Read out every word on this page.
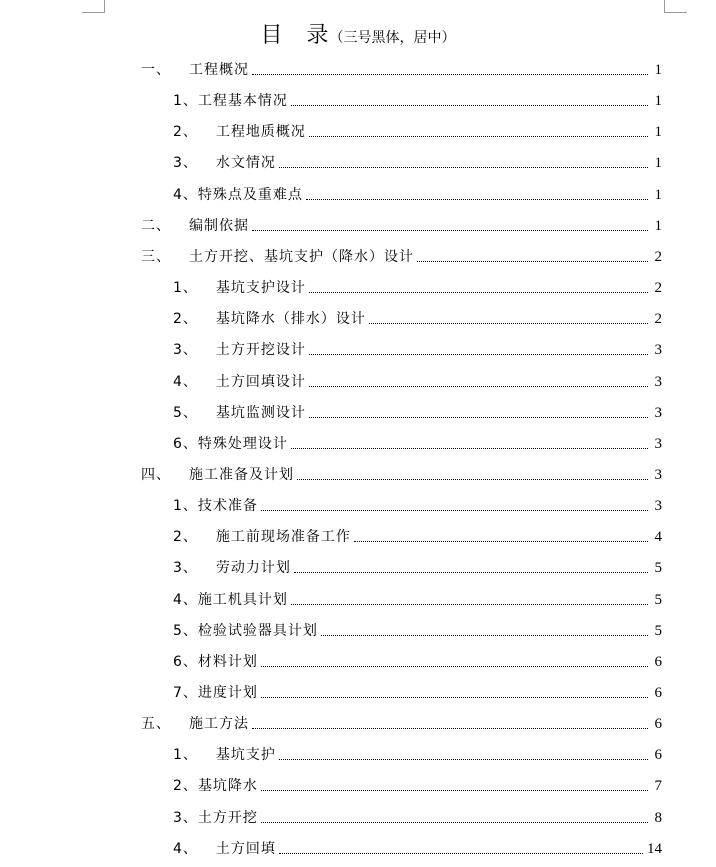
目　录（三号黑体，居中）
一、 工程概况	1
1、 工程基本情况	1
2、 工程地质概况	1
3、 水文情况	1
4、 特殊点及重难点	1
二、 编制依据	1
三、 土方开挖、基坑支护（降水）设计	2
1、 基坑支护设计	2
2、 基坑降水（排水）设计	2
3、 土方开挖设计	3
4、 土方回填设计	3
5、 基坑监测设计	3
6、 特殊处理设计	3
四、 施工准备及计划	3
1、 技术准备	3
2、 施工前现场准备工作	4
3、 劳动力计划	5
4、 施工机具计划	5
5、 检验试验器具计划	5
6、 材料计划	6
7、 进度计划	6
五、 施工方法	6
1、 基坑支护	6
2、 基坑降水	7
3、 土方开挖	8
4、 土方回填	14
